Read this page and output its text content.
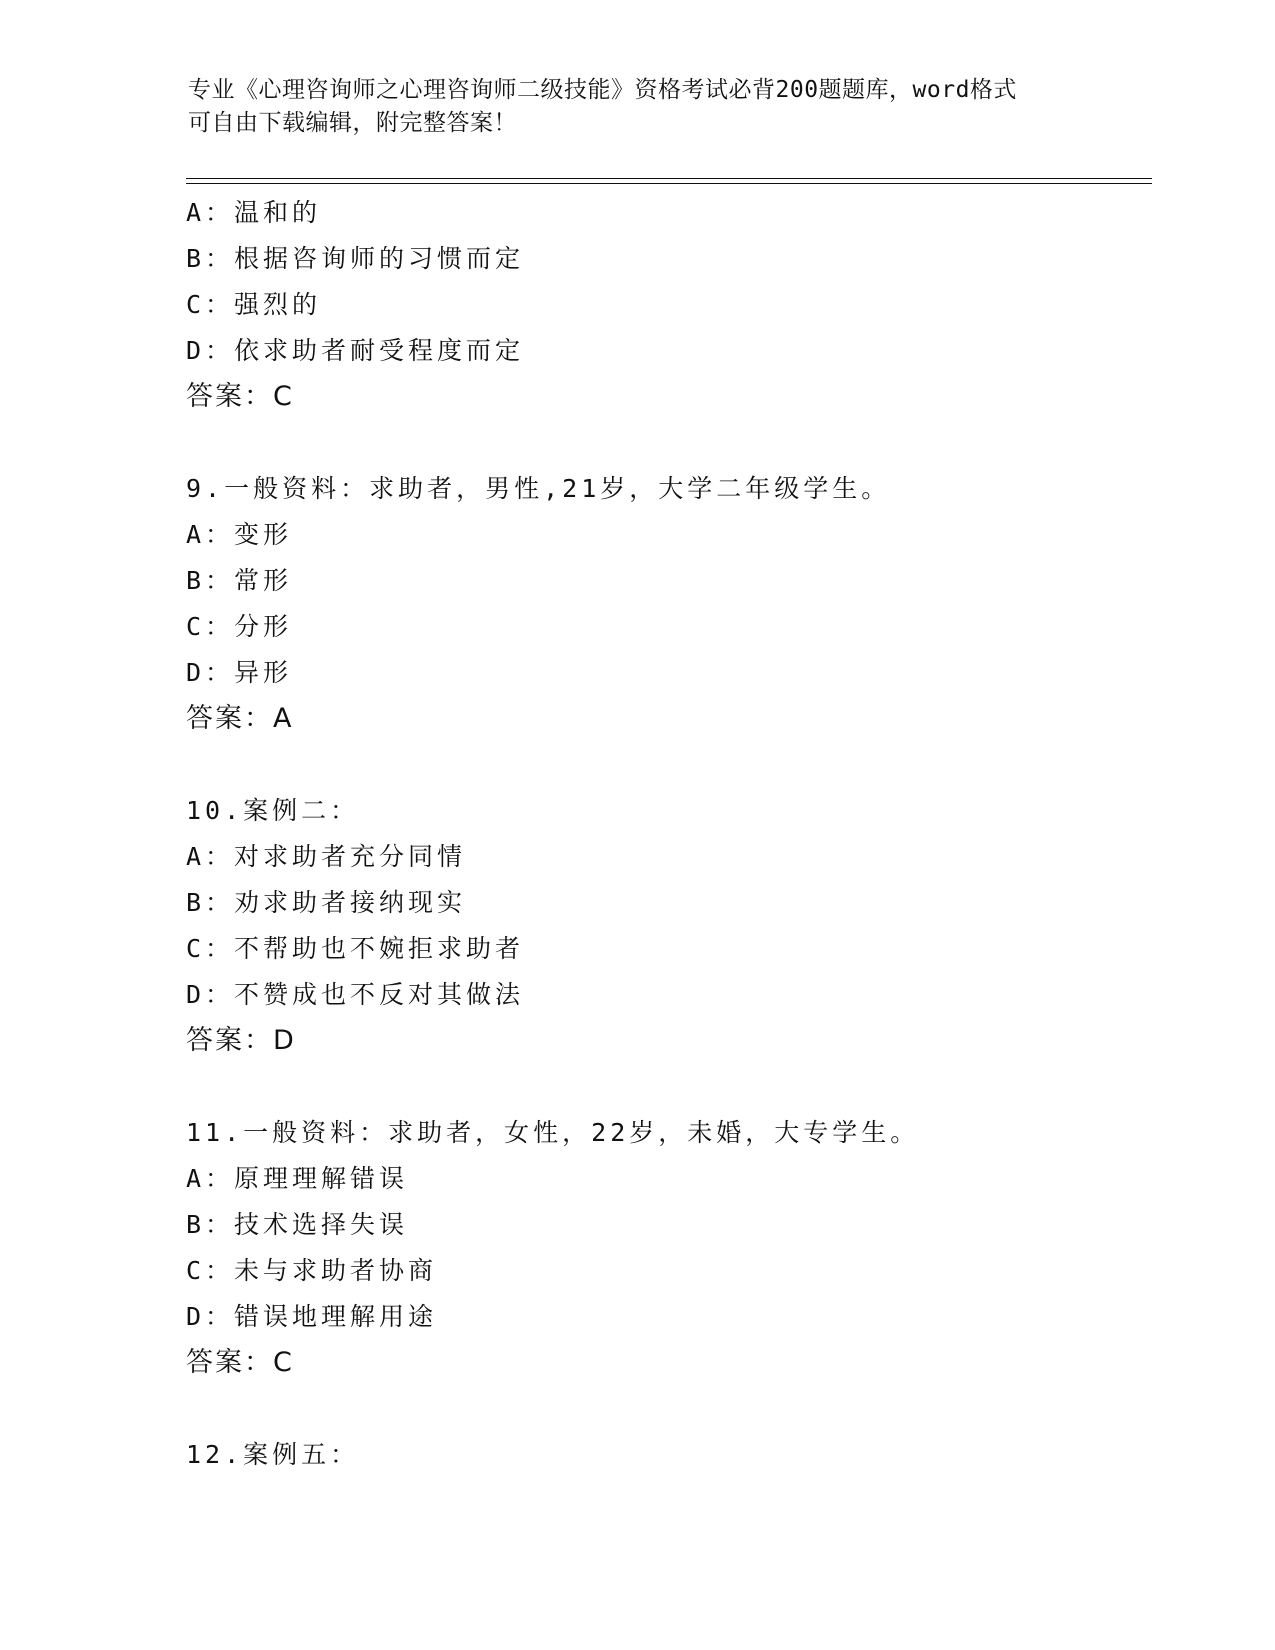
专业《心理咨询师之心理咨询师二级技能》资格考试必背200题题库，word格式
可自由下载编辑，附完整答案！
A：温和的
B：根据咨询师的习惯而定
C：强烈的
D：依求助者耐受程度而定
答案：C
9.一般资料：求助者，男性,21岁，大学二年级学生。
A：变形
B：常形
C：分形
D：异形
答案：A
10.案例二：
A：对求助者充分同情
B：劝求助者接纳现实
C：不帮助也不婉拒求助者
D：不赞成也不反对其做法
答案：D
11.一般资料：求助者，女性，22岁，未婚，大专学生。
A：原理理解错误
B：技术选择失误
C：未与求助者协商
D：错误地理解用途
答案：C
12.案例五：
